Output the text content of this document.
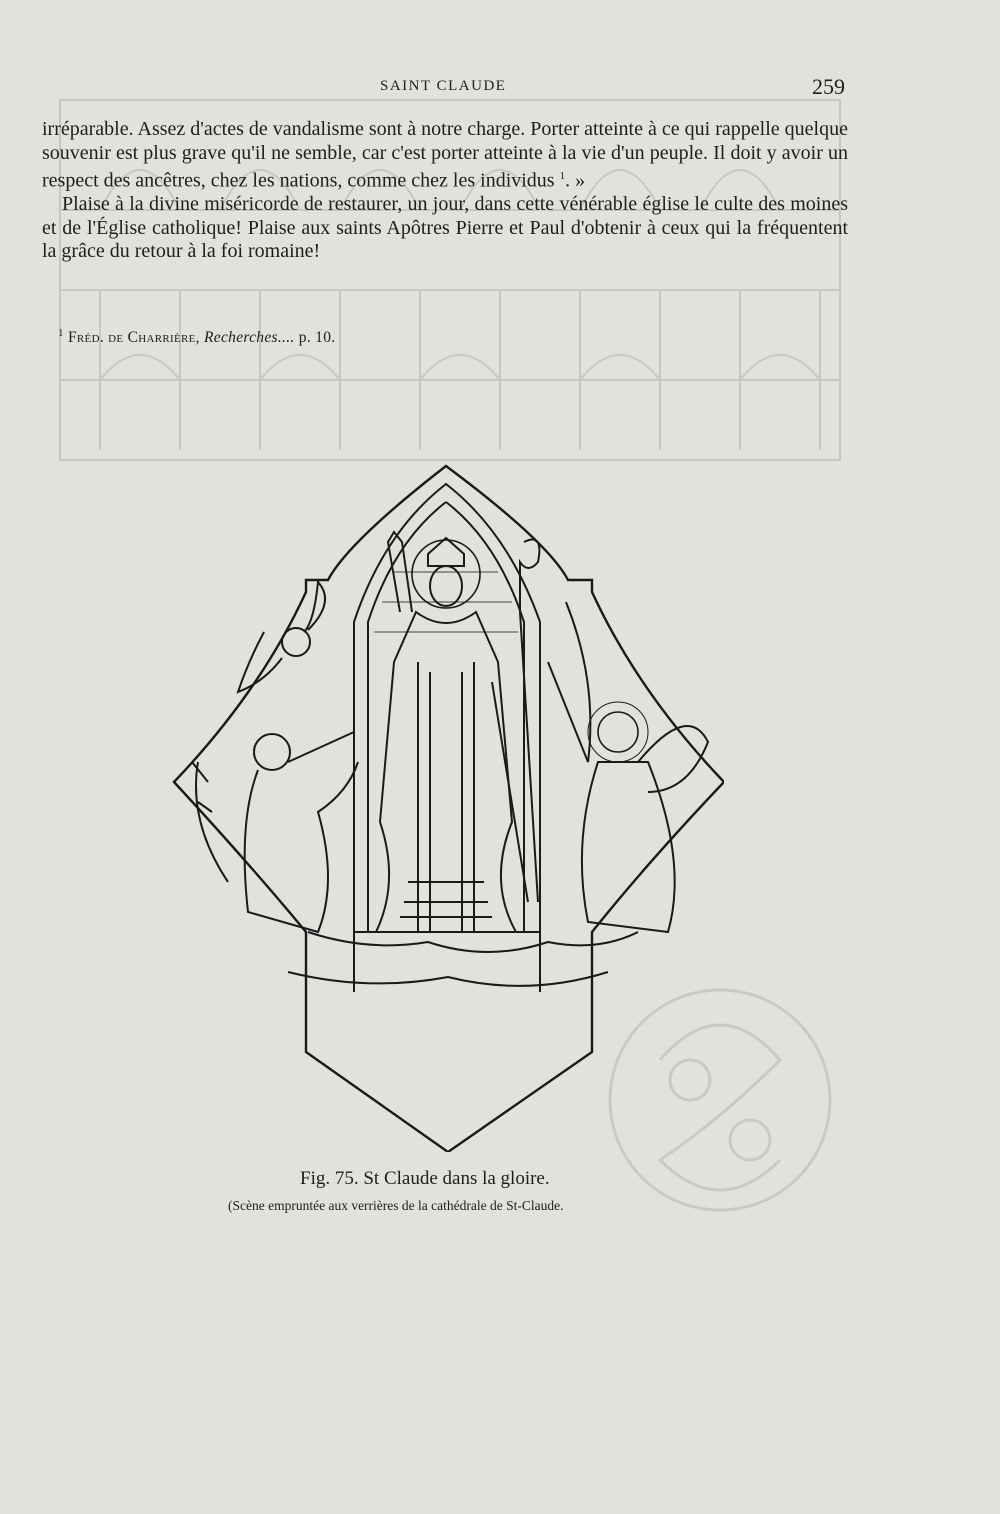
SAINT CLAUDE	259

irréparable. Assez d'actes de vandalisme sont à notre charge. Porter atteinte à ce qui rappelle quelque souvenir est plus grave qu'il ne semble, car c'est porter atteinte à la vie d'un peuple. Il doit y avoir un respect des ancêtres, chez les nations, comme chez les individus $^1$. »

Plaise à la divine miséricorde de restaurer, un jour, dans cette vénérable église le culte des moines et de l'Église catholique! Plaise aux saints Apôtres Pierre et Paul d'obtenir à ceux qui la fréquentent la grâce du retour à la foi romaine!

$^1$ Fréd. de Charrière, Recherches.... p. 10.
Fig. 75. St Claude dans la gloire.
(Scène empruntée aux verrières de la cathédrale de St-Claude.
